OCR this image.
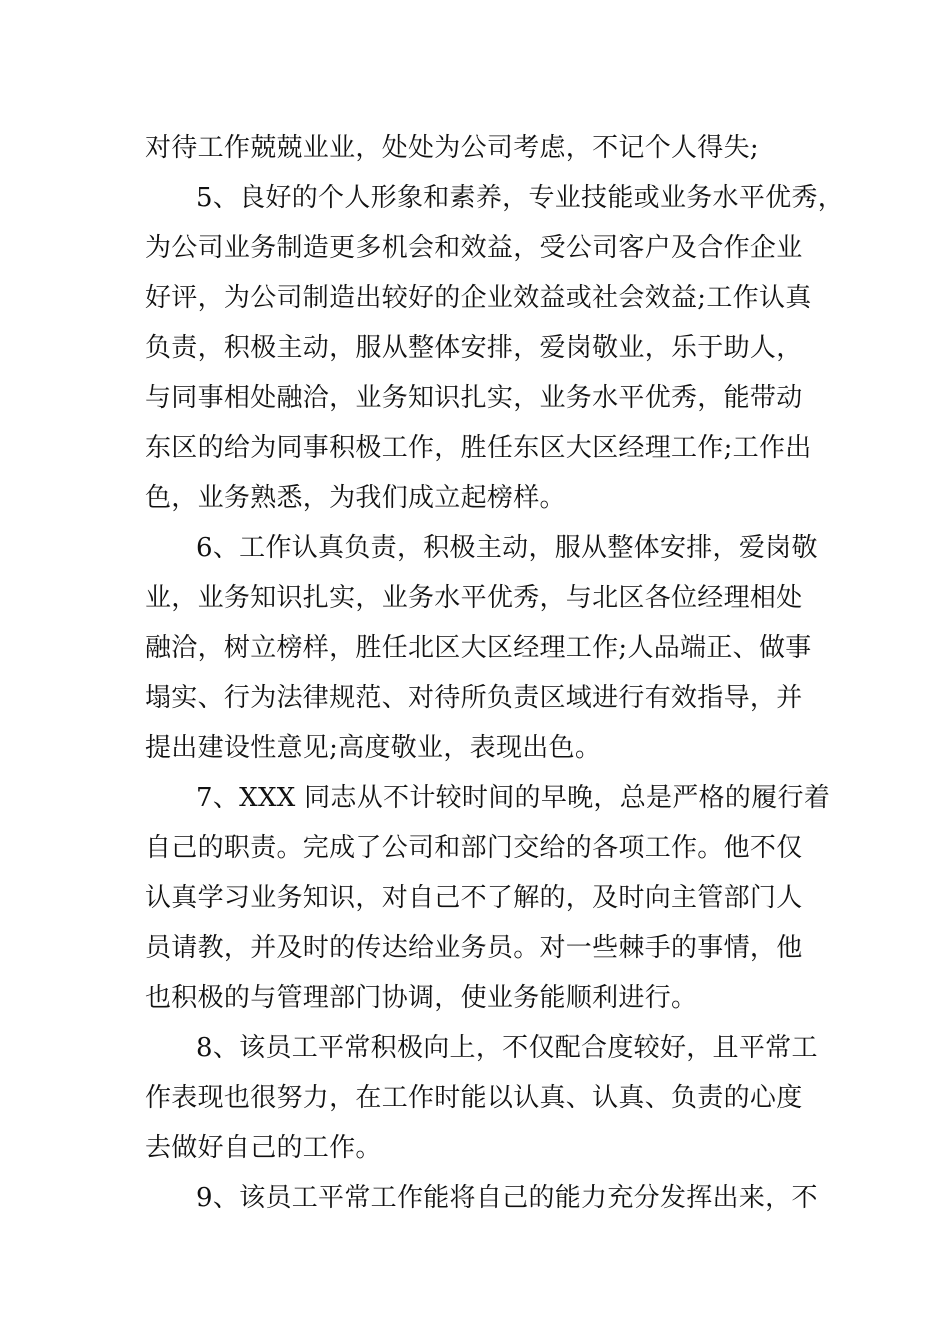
对待工作兢兢业业，处处为公司考虑，不记个人得失;
5、良好的个人形象和素养，专业技能或业务水平优秀，
为公司业务制造更多机会和效益，受公司客户及合作企业
好评，为公司制造出较好的企业效益或社会效益;工作认真
负责，积极主动，服从整体安排，爱岗敬业，乐于助人，
与同事相处融洽，业务知识扎实，业务水平优秀，能带动
东区的给为同事积极工作，胜任东区大区经理工作;工作出
色，业务熟悉，为我们成立起榜样。
6、工作认真负责，积极主动，服从整体安排，爱岗敬
业，业务知识扎实，业务水平优秀，与北区各位经理相处
融洽，树立榜样，胜任北区大区经理工作;人品端正、做事
塌实、行为法律规范、对待所负责区域进行有效指导，并
提出建设性意见;高度敬业，表现出色。
7、XXX 同志从不计较时间的早晚，总是严格的履行着
自己的职责。完成了公司和部门交给的各项工作。他不仅
认真学习业务知识，对自己不了解的，及时向主管部门人
员请教，并及时的传达给业务员。对一些棘手的事情，他
也积极的与管理部门协调，使业务能顺利进行。
8、该员工平常积极向上，不仅配合度较好，且平常工
作表现也很努力，在工作时能以认真、认真、负责的心度
去做好自己的工作。
9、该员工平常工作能将自己的能力充分发挥出来，不
